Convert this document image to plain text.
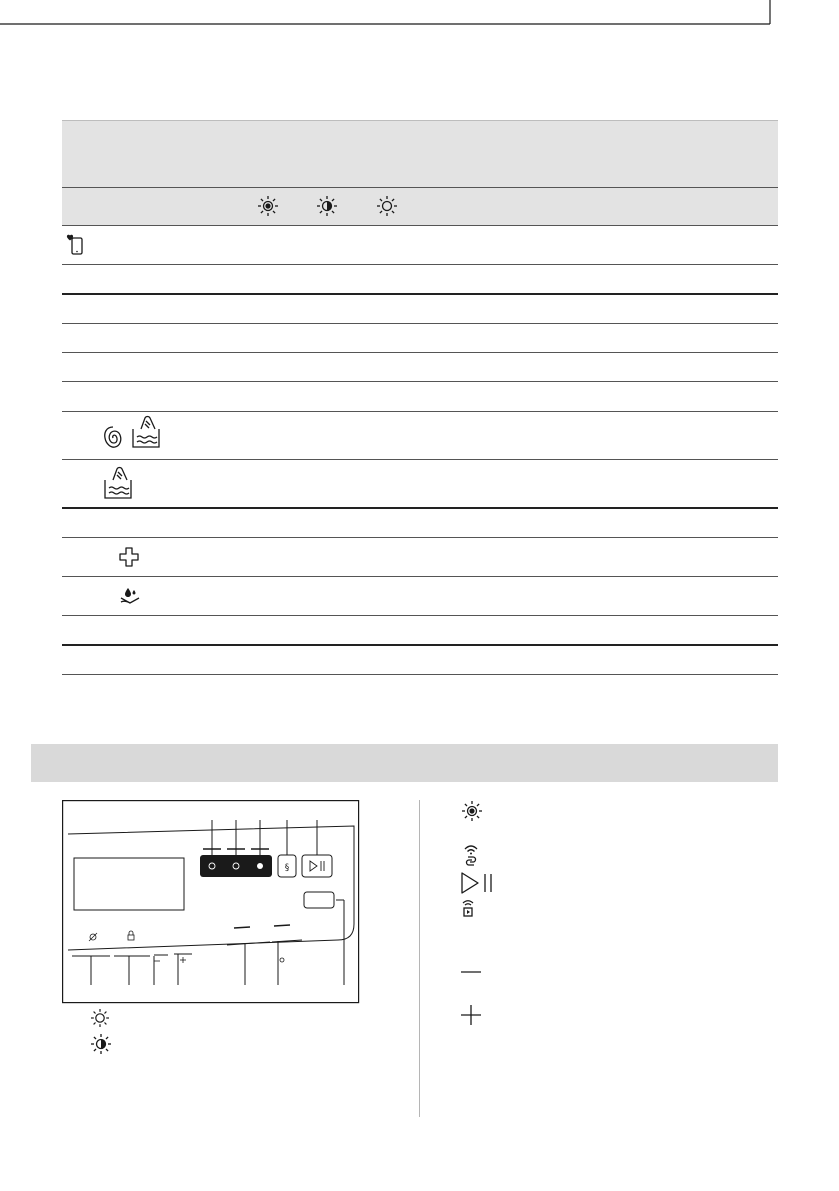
§
